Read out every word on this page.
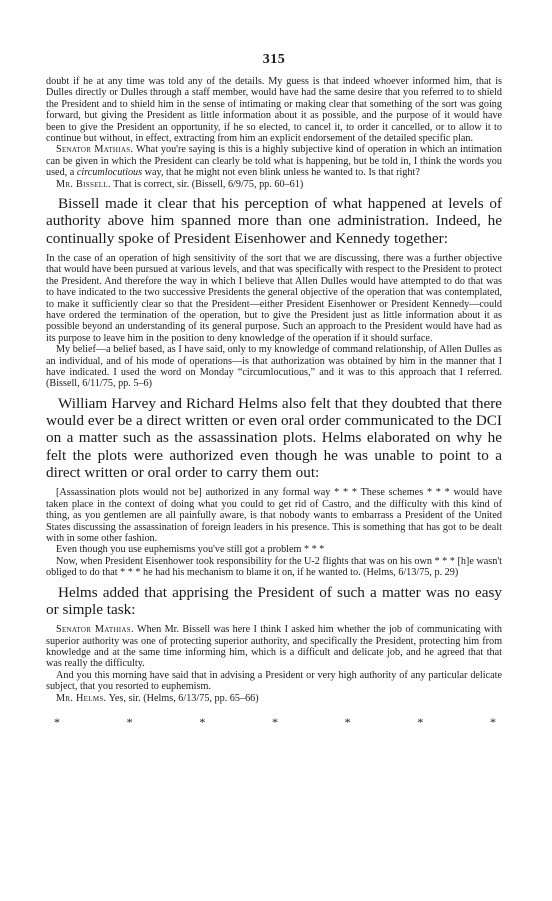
315

doubt if he at any time was told any of the details. My guess is that indeed whoever informed him, that is Dulles directly or Dulles through a staff member, would have had the same desire that you referred to to shield the President and to shield him in the sense of intimating or making clear that something of the sort was going forward, but giving the President as little information about it as possible, and the purpose of it would have been to give the President an opportunity, if he so elected, to cancel it, to order it cancelled, or to allow it to continue but without, in effect, extracting from him an explicit endorsement of the detailed specific plan.

Senator Mathias. What you're saying is this is a highly subjective kind of operation in which an intimation can be given in which the President can clearly be told what is happening, but be told in, I think the words you used, a circumlocutious way, that he might not even blink unless he wanted to. Is that right?

Mr. Bissell. That is correct, sir. (Bissell, 6/9/75, pp. 60–61)

Bissell made it clear that his perception of what happened at levels of authority above him spanned more than one administration. Indeed, he continually spoke of President Eisenhower and Kennedy together:

In the case of an operation of high sensitivity of the sort that we are discussing, there was a further objective that would have been pursued at various levels, and that was specifically with respect to the President to protect the President. And therefore the way in which I believe that Allen Dulles would have attempted to do that was to have indicated to the two successive Presidents the general objective of the operation that was contemplated, to make it sufficiently clear so that the President—either President Eisenhower or President Kennedy—could have ordered the termination of the operation, but to give the President just as little information about it as possible beyond an understanding of its general purpose. Such an approach to the President would have had as its purpose to leave him in the position to deny knowledge of the operation if it should surface.

My belief—a belief based, as I have said, only to my knowledge of command relationship, of Allen Dulles as an individual, and of his mode of operations—is that authorization was obtained by him in the manner that I have indicated. I used the word on Monday “circumlocutious,” and it was to this approach that I referred. (Bissell, 6/11/75, pp. 5–6)

William Harvey and Richard Helms also felt that they doubted that there would ever be a direct written or even oral order communicated to the DCI on a matter such as the assassination plots. Helms elaborated on why he felt the plots were authorized even though he was unable to point to a direct written or oral order to carry them out:

[Assassination plots would not be] authorized in any formal way * * * These schemes * * * would have taken place in the context of doing what you could to get rid of Castro, and the difficulty with this kind of thing, as you gentlemen are all painfully aware, is that nobody wants to embarrass a President of the United States discussing the assassination of foreign leaders in his presence. This is something that has got to be dealt with in some other fashion.

Even though you use euphemisms you've still got a problem * * *

Now, when President Eisenhower took responsibility for the U-2 flights that was on his own * * * [h]e wasn't obliged to do that * * * he had his mechanism to blame it on, if he wanted to. (Helms, 6/13/75, p. 29)

Helms added that apprising the President of such a matter was no easy or simple task:

Senator Mathias. When Mr. Bissell was here I think I asked him whether the job of communicating with superior authority was one of protecting superior authority, and specifically the President, protecting him from knowledge and at the same time informing him, which is a difficult and delicate job, and he agreed that that was really the difficulty.

And you this morning have said that in advising a President or very high authority of any particular delicate subject, that you resorted to euphemism.

Mr. Helms. Yes, sir. (Helms, 6/13/75, pp. 65–66)

*	*	*	*	*	*	*
